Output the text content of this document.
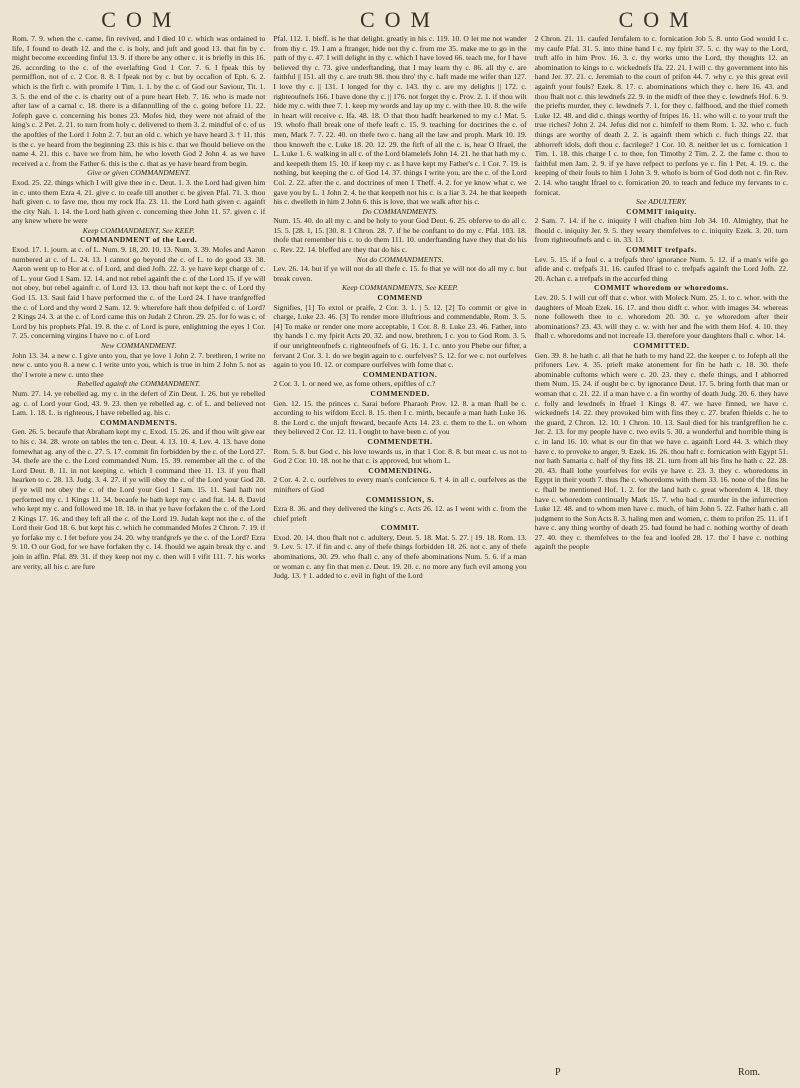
COM	COM	COM

Rom. 7. 9. when the c. came, fin revived, and I died 10 c. which was ordained to life, I found to death 12. and the c. is holy, and juft and good 13. that fin by c. might become exceeding finful 13. 9. if there be any other c. it is briefly in this 16. 26. according to the c. of the everlafting God 1 Cor. 7. 6. I fpeak this by permiffion, not of c. 2 Cor. 8. 8. I fpeak not by c. but by occafion of Eph. 6. 2. which is the firft c. with promife 1 Tim. 1. 1. by the c. of God our Saviour, Tit. 1. 3. 5. the end of the c. is charity out of a pure heart Heb. 7. 16. who is made not after law of a carnal c. 18. there is a difannulling of the c. going before 11. 22. Jofeph gave c. concerning his bones 23. Mofes hid, they were not afraid of the king's c. 2 Pet. 2. 21. to turn from holy c. delivered to them 3. 2. mindful of c. of us the apoftles of the Lord 1 John 2. 7. but an old c. which ye have heard 3. † 11. this is the c. ye heard from the beginning 23. this is his c. that we fhould believe on the name 4. 21. this c. have we from him, he who loveth God 2 John 4. as we have received a c. from the Father 6. this is the c. that as ye have heard from begin.

Give or given COMMANDMENT.

Exod. 25. 22. things which I will give thee in c. Deut. 1. 3. the Lord had given him in c. unto them Ezra 4. 21. give c. to ceafe till another c. be given Pfal. 71. 3. thou haft given c. to fave me, thou my rock Ifa. 23. 11. the Lord hath given c. againft the city Nah. 1. 14. the Lord hath given c. concerning thee John 11. 57. given c. if any knew where he were

Keep COMMANDMENT, See KEEP.

COMMANDMENT of the Lord.

Exod. 17. 1. journ. at c. of L. Num. 9. 18, 20. 10. 13. Num. 3. 39. Mofes and Aaron numbered at c. of L. 24. 13. I cannot go beyond the c. of L. to do good 33. 38. Aaron went up to Hor at c. of Lord, and died Jofh. 22. 3. ye have kept charge of c. of L. your God 1 Sam. 12. 14. and not rebel againft the c. of the Lord 15. if ye will not obey, but rebel againft c. of Lord 13. 13. thou haft not kept the c. of Lord thy God 15. 13. Saul faid I have performed the c. of the Lord 24. I have tranfgreffed the c. of Lord and thy word 2 Sam. 12. 9. wherefore haft thou defpifed c. of Lord? 2 Kings 24. 3. at the c. of Lord came this on Judah 2 Chron. 29. 25. for fo was c. of Lord by his prophets Pfal. 19. 8. the c. of Lord is pure, enlightning the eyes 1 Cor. 7. 25. concerning virgins I have no c. of Lord

New COMMANDMENT.

John 13. 34. a new c. I give unto you, that ye love 1 John 2. 7. brethren, I write no new c. unto you 8. a new c. I write unto you, which is true in him 2 John 5. not as tho' I wrote a new c. unto thee

Rebelled againft the COMMANDMENT.

Num. 27. 14. ye rebelled ag. my c. in the defert of Zin Deut. 1. 26. but ye rebelled ag. c. of Lord your God, 43. 9. 23. then ye rebelled ag. c. of L. and believed not Lam. 1. 18. L. is righteous, I have rebelled ag. his c.

COMMANDMENTS.

Gen. 26. 5. becaufe that Abraham kept my c. Exod. 15. 26. and if thou wilt give ear to his c. 34. 28. wrote on tables the ten c. Deut. 4. 13. 10. 4. Lev. 4. 13. have done fomewhat ag. any of the c. 27. 5. 17. commit fin forbidden by the c. of the Lord 27. 34. thefe are the c. the Lord commanded Num. 15. 39. remember all the c. of the Lord Deut. 8. 11. in not keeping c. which I command thee 11. 13. if you fhall hearken to c. 28. 13. Judg. 3. 4. 27. if ye will obey the c. of the Lord your God 28. if ye will not obey the c. of the Lord your God 1 Sam. 15. 11. Saul hath not performed my c. 1 Kings 11. 34. becaufe he hath kept my c. and ftat. 14. 8. David who kept my c. and followed me 18. 18. in that ye have forfaken the c. of the Lord 2 Kings 17. 16. and they left all the c. of the Lord 19. Judah kept not the c. of the Lord their God 18. 6. but kept his c. which he commanded Mofes 2 Chron. 7. 19. if ye forfake my c. I fet before you 24. 20. why tranfgrefs ye the c. of the Lord? Ezra 9. 10. O our God, for we have forfaken thy c. 14. fhould we again break thy c. and join in affin. Pfal. 89. 31. if they keep not my c. then will I vifit 111. 7. his works are verity, all his c. are fure

Pfal. 112. 1. bleff. is he that delight. greatly in his c. 119. 10. O let me not wander from thy c. 19. I am a ftranger, hide not thy c. from me 35. make me to go in the path of thy c. 47. I will delight in thy c. which I have loved 66. teach me, for I have believed thy c. 73. give underftanding, that I may learn thy c. 86. all thy c. are faithful || 151. all thy c. are truth 98. thou thro' thy c. haft made me wifer than 127. I love thy c. || 131. I longed for thy c. 143. thy c. are my delights || 172. c. righteoufnefs 166. I have done thy c. || 176. not forget thy c. Prov. 2. 1. if thou wilt hide my c. with thee 7. 1. keep my words and lay up my c. with thee 10. 8. the wife in heart will receive c. Ifa. 48. 18. O that thou hadft hearkened to my c.! Mat. 5. 19. whofo fhall break one of thefe leaft c. 15. 9. teaching for doctrines the c. of men, Mark 7. 7. 22. 40. on thefe two c. hang all the law and proph. Mark 10. 19. thou knoweft the c. Luke 18. 20. 12. 29. the firft of all the c. is, hear O Ifrael, the L. Luke 1. 6. walking in all c. of the Lord blamelefs John 14. 21. he that hath my c. and keepeth them 15. 10. if keep my c. as I have kept my Father's c. 1 Cor. 7. 19. is nothing, but keeping the c. of God 14. 37. things I write you, are the c. of the Lord Col. 2. 22. after the c. and doctrines of men 1 Theff. 4. 2. for ye know what c. we gave you by L. 1 John 2. 4. he that keepeth not his c. is a liar 3. 24. he that keepeth his c. dwelleth in him 2 John 6. this is love, that we walk after his c.

Do COMMANDMENTS.

Num. 15. 40. do all my c. and be holy to your God Deut. 6. 25. obferve to do all c. 15. 5. [28. 1, 15. [30. 8. 1 Chron. 28. 7. if he be conftant to do my c. Pfal. 103. 18. thofe that remember his c. to do them 111. 10. underftanding have they that do his c. Rev. 22. 14. bleffed are they that do his c.

Not do COMMANDMENTS.

Lev. 26. 14. but if ye will not do all thefe c. 15. fo that ye will not do all my c. but break coven.

Keep COMMANDMENTS, See KEEP.

COMMEND

Signifies, [1] To extol or praife, 2 Cor. 3. 1. | 5. 12. [2] To commit or give in charge, Luke 23. 46. [3] To render more illuftrious and commendable, Rom. 3. 5. [4] To make or render one more acceptable, 1 Cor. 8. 8. Luke 23. 46. Father, into thy hands I c. my fpirit Acts 20. 32. and now, brethren, I c. you to God Rom. 3. 5. if our unrighteoufnefs c. righteoufnefs of G. 16. 1. I c. unto you Phebe our fifter, a fervant 2 Cor. 3. 1. do we begin again to c. ourfelves? 5. 12. for we c. not ourfelves again to you 10. 12. or compare ourfelves with fome that c.

COMMENDATION.

2 Cor. 3. 1. or need we, as fome others, epiftles of c.?

COMMENDED.

Gen. 12. 15. the princes c. Sarai before Pharaoh Prov. 12. 8. a man fhall be c. according to his wifdom Eccl. 8. 15. then I c. mirth, becaufe a man hath Luke 16. 8. the Lord c. the unjuft fteward, becaufe Acts 14. 23. c. them to the L. on whom they believed 2 Cor. 12. 11. I ought to have been c. of you

COMMENDETH.

Rom. 5. 8. but God c. his love towards us, in that 1 Cor. 8. 8. but meat c. us not to God 2 Cor. 10. 18. not he that c. is approved, but whom L.

COMMENDING.

2 Cor. 4. 2. c. ourfelves to every man's confcience 6. † 4. in all c. ourfelves as the minifters of God

COMMISSION, S.

Ezra 8. 36. and they delivered the king's c. Acts 26. 12. as I went with c. from the chief prieft

COMMIT.

Exod. 20. 14. thou fhalt not c. adultery, Deut. 5. 18. Mat. 5. 27. | 19. 18. Rom. 13. 9. Lev. 5. 17. if fin and c. any of thefe things forbidden 18. 26. not c. any of thefe abominations, 30. 29. who fhall c. any of thefe abominations Num. 5. 6. if a man or woman c. any fin that men c. Deut. 19. 20. c. no more any fuch evil among you Judg. 13. † 1. added to c. evil in fight of the Lord

2 Chron. 21. 11. caufed Jerufalem to c. fornication Job 5. 8. unto God would I c. my caufe Pfal. 31. 5. into thine hand I c. my fpirit 37. 5. c. thy way to the Lord, truft alfo in him Prov. 16. 3. c. thy works unto the Lord, thy thoughts 12. an abomination to kings to c. wickednefs Ifa. 22. 21. I will c. thy government into his hand Jer. 37. 21. c. Jeremiah to the court of prifon 44. 7. why c. ye this great evil againft your fouls? Ezek. 8. 17. c. abominations which they c. here 16. 43. and thou fhalt not c. this lewdnefs 22. 9. in the midft of thee they c. lewdnefs Hof. 6. 9. the priefts murder, they c. lewdnefs 7. 1. for they c. falfhood, and the thief cometh Luke 12. 48. and did c. things worthy of ftripes 16. 11. who will c. to your truft the true riches? John 2. 24. Jefus did not c. himfelf to them Rom. 1. 32. who c. fuch things are worthy of death 2. 2. is againft them which c. fuch things 22. that abhorreft idols, doft thou c. facrilege? 1 Cor. 10. 8. neither let us c. fornication 1 Tim. 1. 18. this charge I c. to thee, fon Timothy 2 Tim. 2. 2. the fame c. thou to faithful men Jam. 2. 9. if ye have refpect to perfons ye c. fin 1 Pet. 4. 19. c. the keeping of their fouls to him 1 John 3. 9. whofo is born of God doth not c. fin Rev. 2. 14. who taught Ifrael to c. fornication 20. to teach and feduce my fervants to c. fornicat.

See ADULTERY.

COMMIT iniquity.

2 Sam. 7. 14. if he c. iniquity I will chaften him Job 34. 10. Almighty, that he fhould c. iniquity Jer. 9. 5. they weary themfelves to c. iniquity Ezek. 3. 20. turn from righteoufnefs and c. in. 33. 13.

COMMIT trefpafs.

Lev. 5. 15. if a foul c. a trefpafs thro' ignorance Num. 5. 12. if a man's wife go afide and c. trefpafs 31. 16. caufed Ifrael to c. trefpafs againft the Lord Jofh. 22. 20. Achan c. a trefpafs in the accurfed thing

COMMIT whoredom or whoredoms.

Lev. 20. 5. I will cut off that c. whor. with Moleck Num. 25. 1. to c. whor. with the daughters of Moab Ezek. 16. 17. and thou didft c. whor. with images 34. whereas none followeth thee to c. whoredom 20. 30. c. ye whoredom after their abominations? 23. 43. will they c. w. with her and fhe with them Hof. 4. 10. they fhall c. whoredoms and not increafe 13. therefore your daughters fhall c. whor. 14.

COMMITTED.

Gen. 39. 8. he hath c. all that he hath to my hand 22. the keeper c. to Jofeph all the prifoners Lev. 4. 35. prieft make atonement for fin he hath c. 18. 30. thefe abominable cuftoms which were c. 20. 23. they c. thefe things, and I abhorred them Num. 15. 24. if ought be c. by ignorance Deut. 17. 5. bring forth that man or woman that c. 21. 22. if a man have c. a fin worthy of death Judg. 20. 6. they have c. folly and lewdnefs in Ifrael 1 Kings 8. 47. we have finned, we have c. wickednefs 14. 22. they provoked him with fins they c. 27. brafen fhields c. he to the guard, 2 Chron. 12. 10. 1 Chron. 10. 13. Saul died for his tranfgreffion he c. Jer. 2. 13. for my people have c. two evils 5. 30. a wonderful and horrible thing is c. in land 16. 10. what is our fin that we have c. againft Lord 44. 3. which they have c. to provoke to anger, 9. Ezek. 16. 26. thou haft c. fornication with Egypt 51. nor hath Samaria c. half of thy fins 18. 21. turn from all his fins he hath c. 22. 28. 20. 43. fhall lothe yourfelves for evils ye have c. 23. 3. they c. whoredoms in Egypt in their youth 7. thus fhe c. whoredoms with them 33. 16. none of the fins he c. fhall be mentioned Hof. 1. 2. for the land hath c. great whoredom 4. 18. they have c. whoredom continually Mark 15. 7. who had c. murder in the infurrection Luke 12. 48. and to whom men have c. much, of him John 5. 22. Father hath c. all judgment to the Son Acts 8. 3. haling men and women, c. them to prifon 25. 11. if I have c. any thing worthy of death 25. had found he had c. nothing worthy of death 27. 40. they c. themfelves to the fea and loofed 28. 17. tho' I have c. nothing againft the people

P	Rom.
